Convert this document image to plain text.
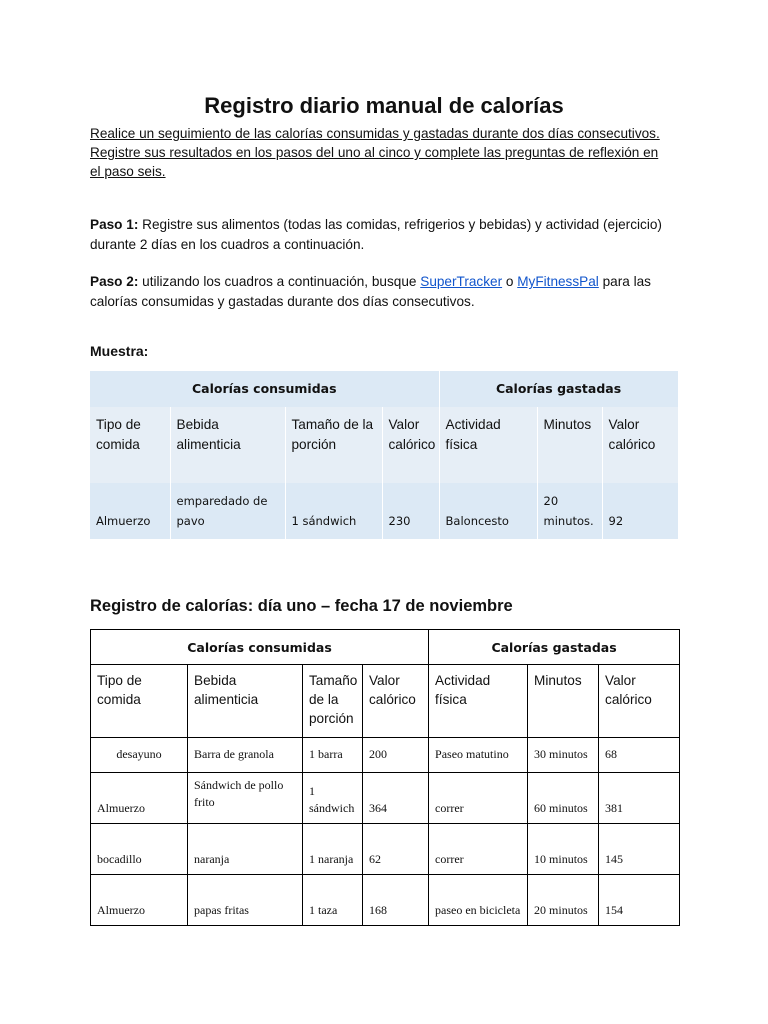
Registro diario manual de calorías
Realice un seguimiento de las calorías consumidas y gastadas durante dos días consecutivos.
Registre sus resultados en los pasos del uno al cinco y complete las preguntas de reflexión en
el paso seis.

Paso 1: Registre sus alimentos (todas las comidas, refrigerios y bebidas) y actividad (ejercicio) durante 2 días en los cuadros a continuación.

Paso 2: utilizando los cuadros a continuación, busque SuperTracker o MyFitnessPal para las calorías consumidas y gastadas durante dos días consecutivos.

Muestra:
Calorías consumidas				Calorías gastadas		
Tipo de comida	Bebida alimenticia	Tamaño de la porción	Valor calórico	Actividad física	Minutos	Valor calórico
Almuerzo	emparedado de pavo	1 sándwich	230	Baloncesto	20 minutos.	92
Registro de calorías: día uno – fecha 17 de noviembre
Calorías consumidas				Calorías gastadas		
Tipo de comida	Bebida alimenticia	Tamaño de la porción	Valor calórico	Actividad física	Minutos	Valor calórico
desayuno	Barra de granola	1 barra	200	Paseo matutino	30 minutos	68
Almuerzo	Sándwich de pollo frito	1 sándwich	364	correr	60 minutos	381
bocadillo	naranja	1 naranja	62	correr	10 minutos	145
Almuerzo	papas fritas	1 taza	168	paseo en bicicleta	20 minutos	154
